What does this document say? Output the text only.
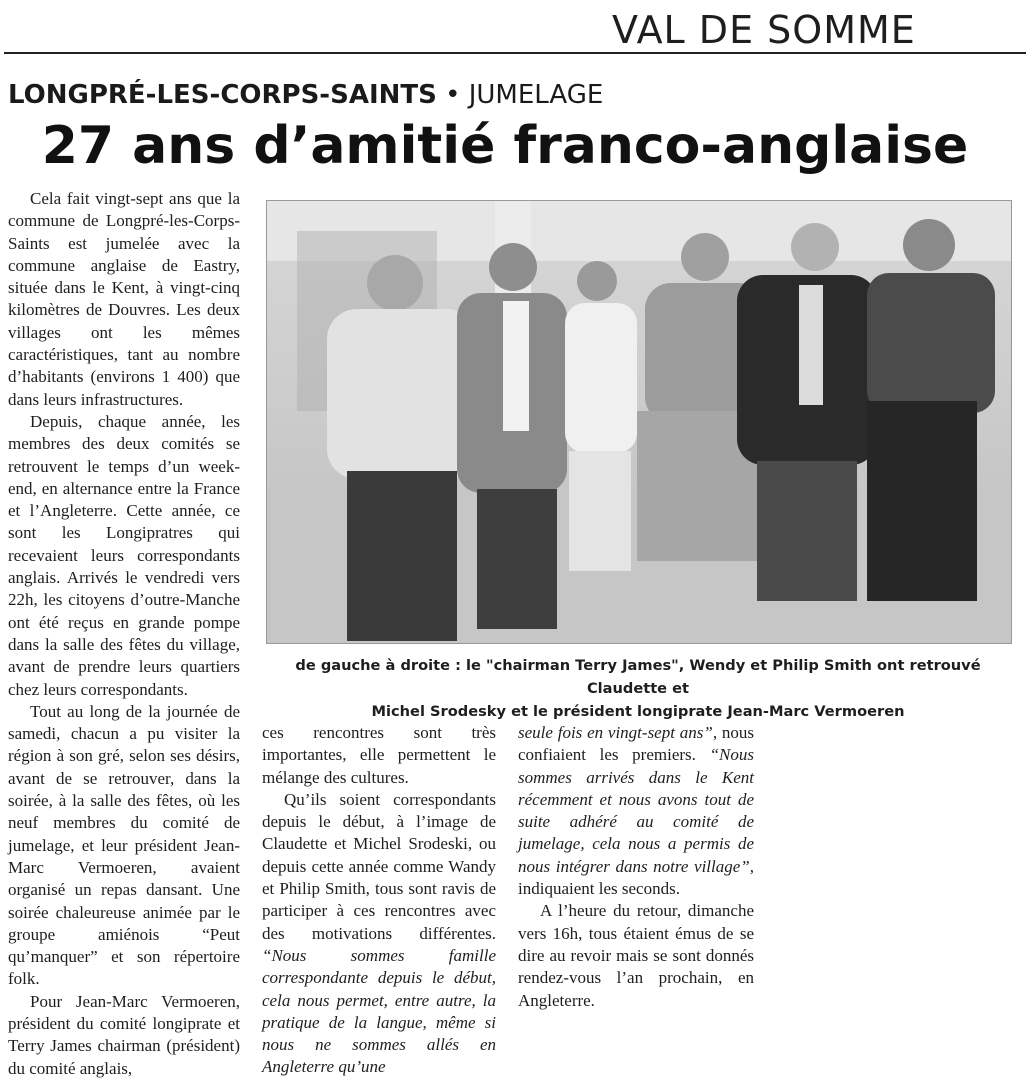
VAL DE SOMME
LONGPRÉ-LES-CORPS-SAINTS • JUMELAGE
27 ans d’amitié franco-anglaise

Cela fait vingt-sept ans que la commune de Longpré-les-Corps-Saints est jumelée avec la commune anglaise de Eastry, située dans le Kent, à vingt-cinq kilomètres de Douvres. Les deux villages ont les mêmes caractéristiques, tant au nombre d’habitants (environs 1 400) que dans leurs infrastructures.

Depuis, chaque année, les membres des deux comités se retrouvent le temps d’un week-end, en alternance entre la France et l’Angleterre. Cette année, ce sont les Longipratres qui recevaient leurs correspondants anglais. Arrivés le vendredi vers 22h, les citoyens d’outre-Manche ont été reçus en grande pompe dans la salle des fêtes du village, avant de prendre leurs quartiers chez leurs correspondants.

Tout au long de la journée de samedi, chacun a pu visiter la région à son gré, selon ses désirs, avant de se retrouver, dans la soirée, à la salle des fêtes, où les neuf membres du comité de jumelage, et leur président Jean-Marc Vermoeren, avaient organisé un repas dansant. Une soirée chaleureuse animée par le groupe amiénois “Peut qu’manquer” et son répertoire folk.

Pour Jean-Marc Vermoeren, président du comité longiprate et Terry James chairman (président) du comité anglais,

de gauche à droite : le "chairman Terry James", Wendy et Philip Smith ont retrouvé Claudette et
Michel Srodesky et le président longiprate Jean-Marc Vermoeren

ces rencontres sont très importantes, elle permettent le mélange des cultures.

Qu’ils soient correspondants depuis le début, à l’image de Claudette et Michel Srodeski, ou depuis cette année comme Wandy et Philip Smith, tous sont ravis de participer à ces rencontres avec des motivations différentes. “Nous sommes famille correspondante depuis le début, cela nous permet, entre autre, la pratique de la langue, même si nous ne sommes allés en Angleterre qu’une

seule fois en vingt-sept ans”, nous confiaient les premiers. “Nous sommes arrivés dans le Kent récemment et nous avons tout de suite adhéré au comité de jumelage, cela nous a permis de nous intégrer dans notre village”, indiquaient les seconds.

A l’heure du retour, dimanche vers 16h, tous étaient émus de se dire au revoir mais se sont donnés rendez-vous l’an prochain, en Angleterre.
